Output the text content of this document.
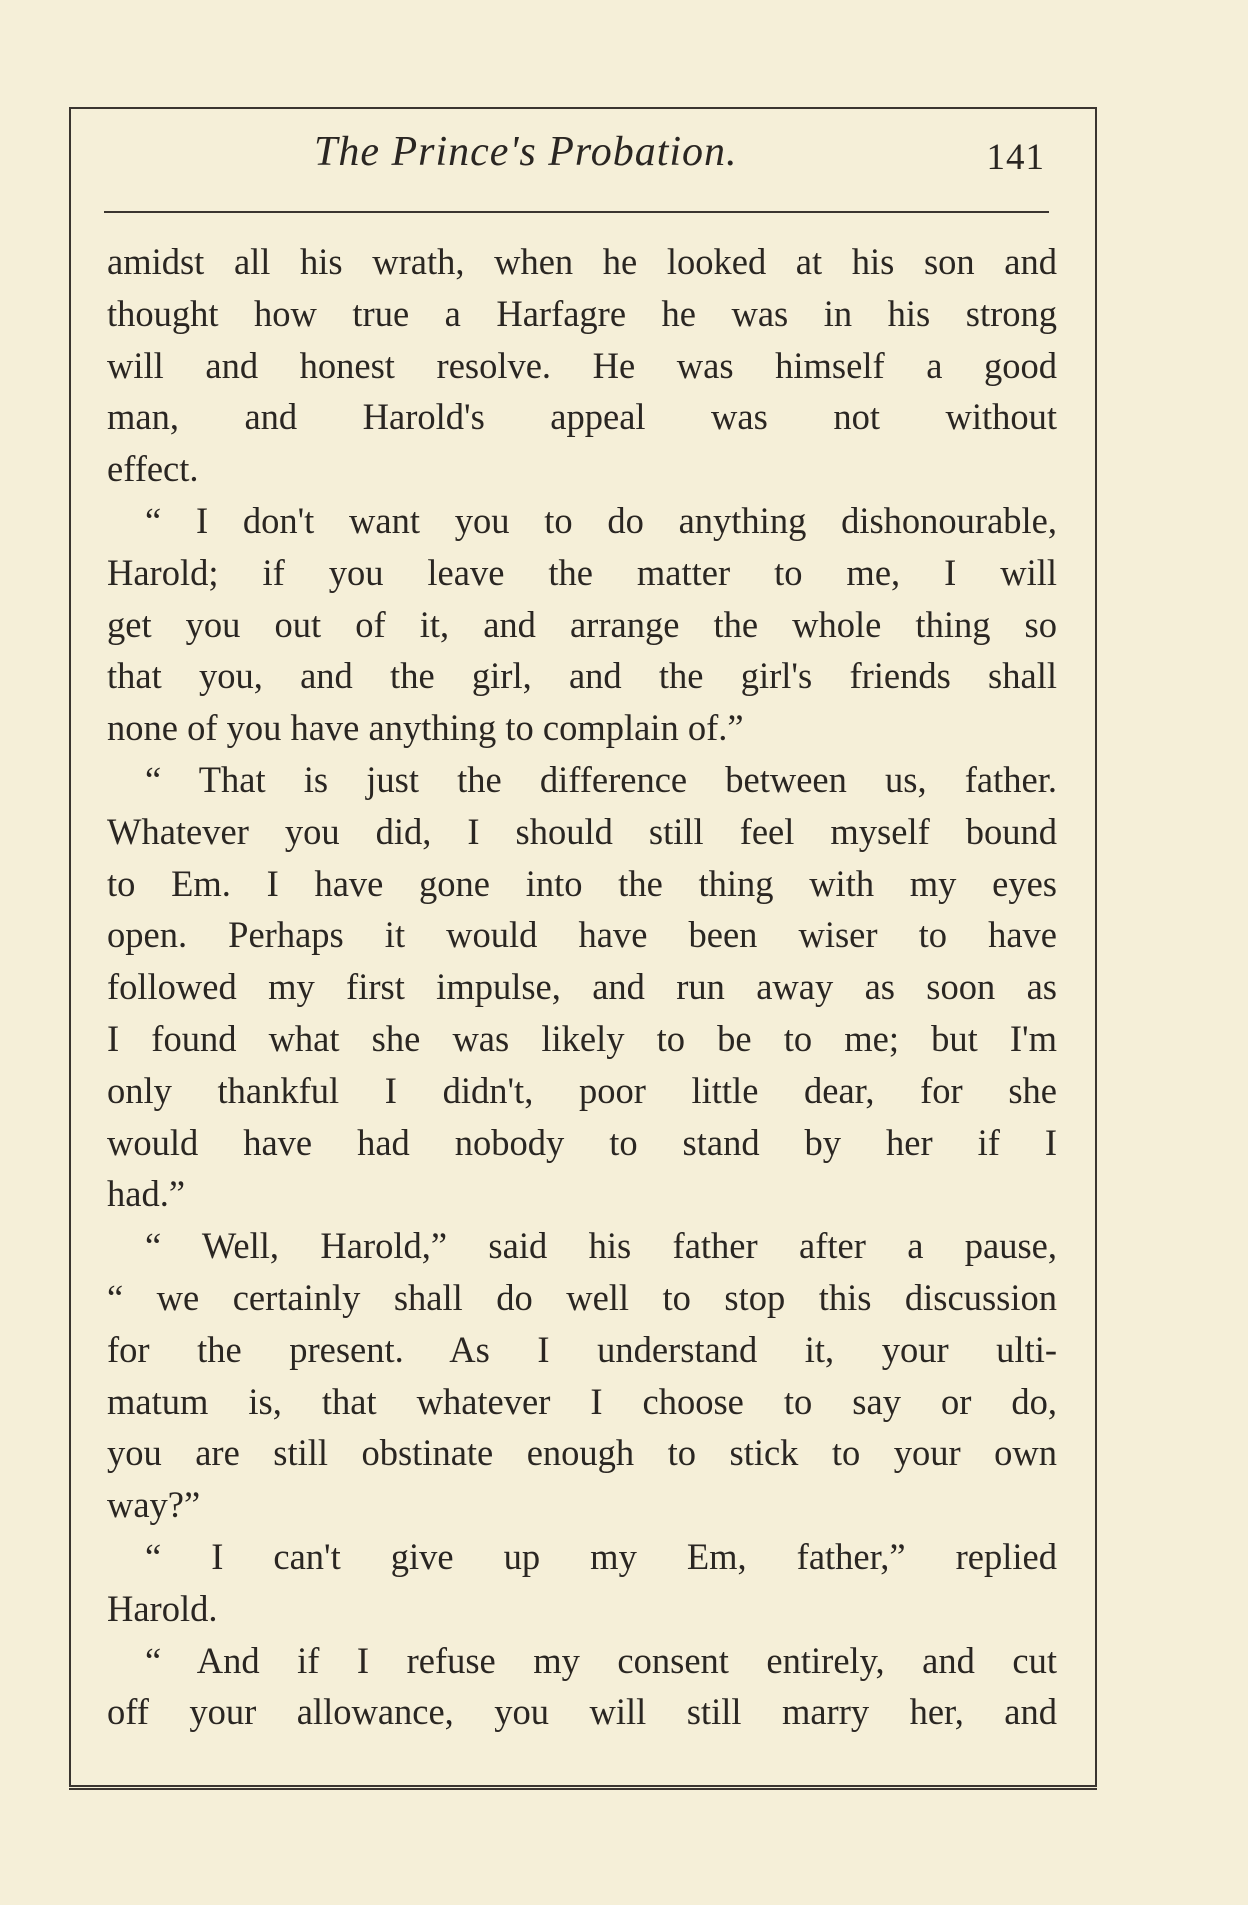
The Prince's Probation.	141
amidst all his wrath, when he looked at his son and
thought how true a Harfagre he was in his strong
will and honest resolve. He was himself a good
man, and Harold's appeal was not without
effect.
“ I don't want you to do anything dishonourable,
Harold; if you leave the matter to me, I will
get you out of it, and arrange the whole thing so
that you, and the girl, and the girl's friends shall
none of you have anything to complain of.”
“ That is just the difference between us, father.
Whatever you did, I should still feel myself bound
to Em. I have gone into the thing with my eyes
open. Perhaps it would have been wiser to have
followed my first impulse, and run away as soon as
I found what she was likely to be to me; but I'm
only thankful I didn't, poor little dear, for she
would have had nobody to stand by her if I
had.”
“ Well, Harold,” said his father after a pause,
“ we certainly shall do well to stop this discussion
for the present. As I understand it, your ulti-
matum is, that whatever I choose to say or do,
you are still obstinate enough to stick to your own
way?”
“ I can't give up my Em, father,” replied
Harold.
“ And if I refuse my consent entirely, and cut
off your allowance, you will still marry her, and
